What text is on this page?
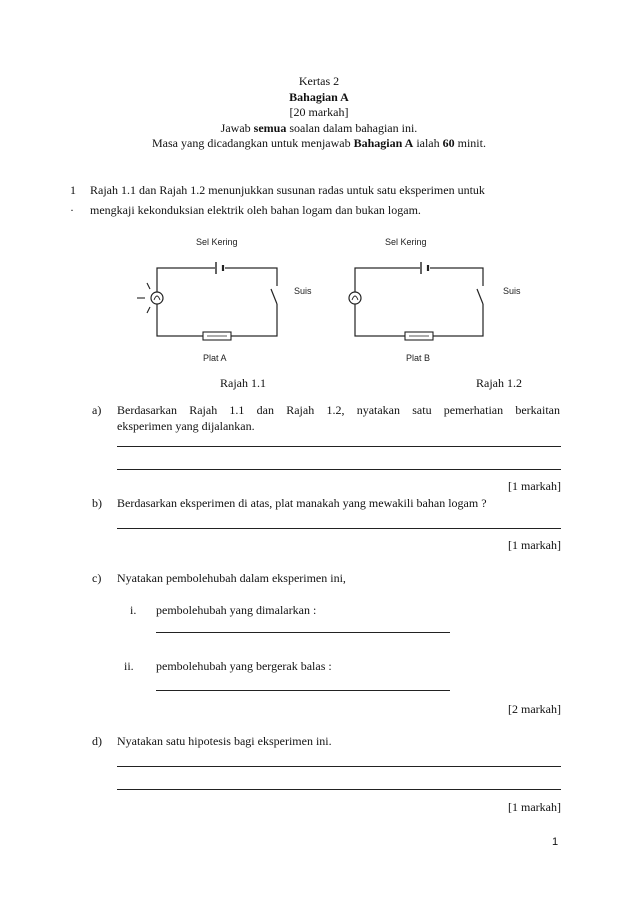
Kertas 2
Bahagian A
[20 markah]
Jawab semua soalan dalam bahagian ini.
Masa yang dicadangkan untuk menjawab Bahagian A ialah 60 minit.
1
·
Rajah 1.1 dan Rajah 1.2 menunjukkan susunan radas untuk satu eksperimen untuk
mengkaji kekonduksian elektrik oleh bahan logam dan bukan logam.
Sel Kering
Suis
Plat A
Sel Kering
Suis
Plat B
Rajah 1.1	Rajah 1.2
a) Berdasarkan Rajah 1.1 dan Rajah 1.2, nyatakan satu pemerhatian berkaitan
eksperimen yang dijalankan.
[1 markah]
b) Berdasarkan eksperimen di atas, plat manakah yang mewakili bahan logam ?
[1 markah]
c) Nyatakan pembolehubah dalam eksperimen ini,
i. pembolehubah yang dimalarkan :
ii. pembolehubah yang bergerak balas :
[2 markah]
d) Nyatakan satu hipotesis bagi eksperimen ini.
[1 markah]
1
